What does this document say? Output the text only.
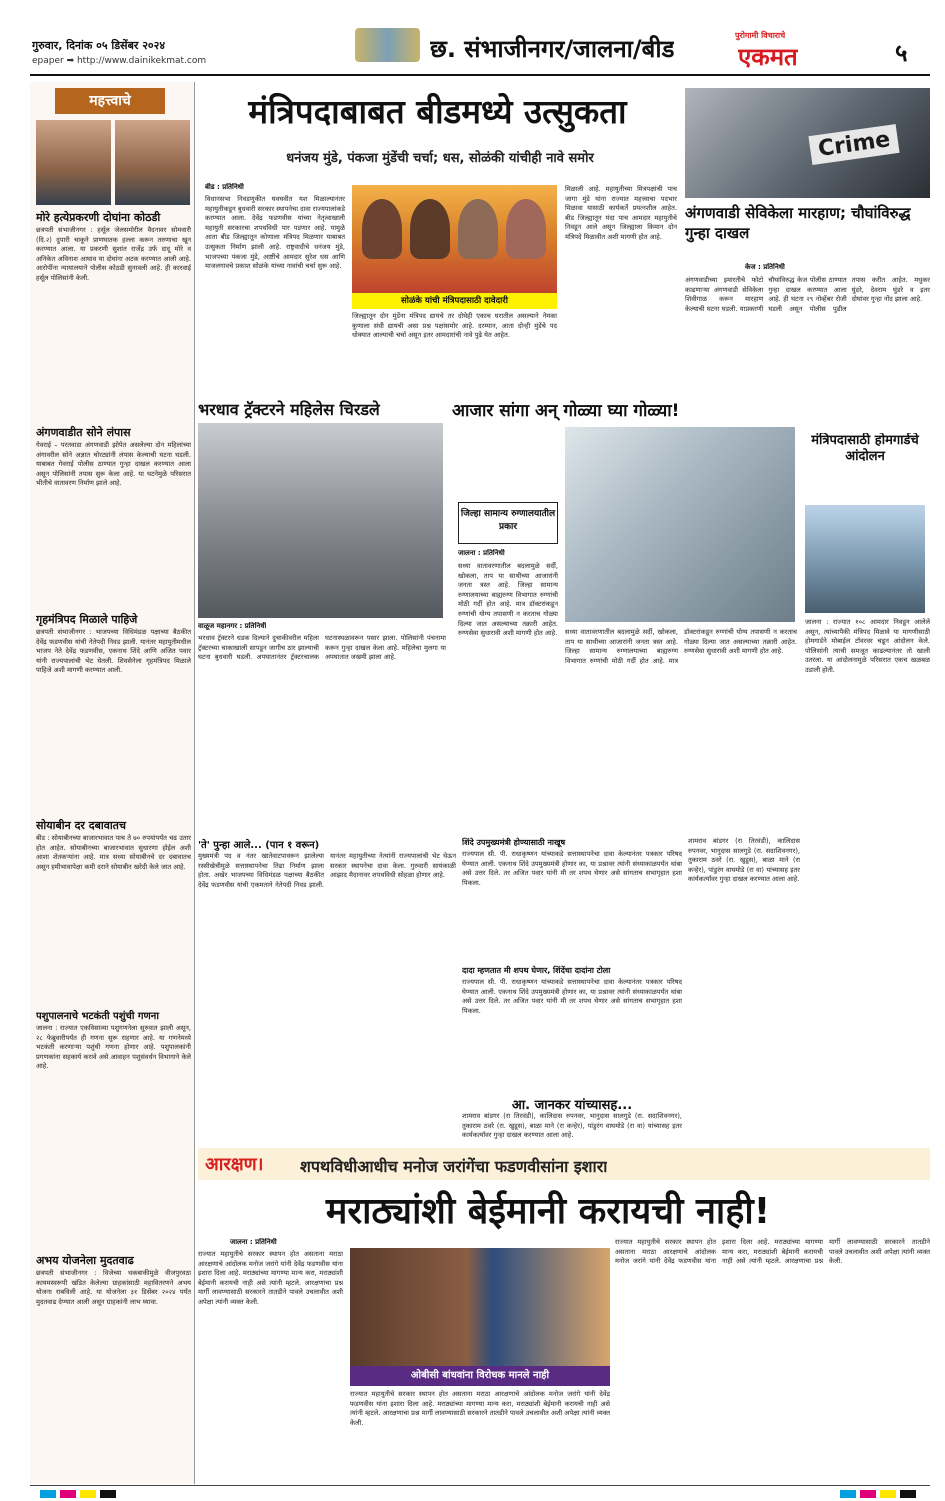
गुरुवार, दिनांक ०५ डिसेंबर २०२४
epaper ➡ http://www.dainikekmat.com	छ. संभाजीनगर/जालना/बीड	पुरोगामी विचाराचे
एकमत	५
महत्त्वाचे
मोरे हत्येप्रकरणी दोघांना कोठडी
छत्रपती संभाजीनगर : हर्सूल जेलसमोरील वैदनावर सोमवारी (दि.२) दुपारी चाकूने प्राणघातक हल्ला करून तरुणाचा खून करण्यात आला. या प्रकरणी सुशांत राजेंद्र उर्फ दादू मोरे व अनिकेत अविनाश आघाव या दोघांना अटक करण्यात आली आहे. आरोपींना न्यायालयाने पोलीस कोठडी सुनावली आहे. ही कारवाई हर्सूल पोलिसांनी केली.
अंगणवाडीत सोने लंपास
गेवराई – परतवाडा अंगणवाडी झोपेत असलेल्या दोन महिलांच्या अंगावरील सोने अज्ञात चोरट्यांनी लंपास केल्याची घटना घडली. याबाबत गेवराई पोलीस ठाण्यात गुन्हा दाखल करण्यात आला असून पोलिसांनी तपास सुरू केला आहे. या घटनेमुळे परिसरात भीतीचे वातावरण निर्माण झाले आहे.
गृहमंत्रिपद मिळाले पाहिजे
छत्रपती संभाजीनगर : भाजपच्या विधिमंडळ पक्षाच्या बैठकीत देवेंद्र फडणवीस यांची नेतेपदी निवड झाली. यानंतर महायुतीमधील भाजप नेते देवेंद्र फडणवीस, एकनाथ शिंदे आणि अजित पवार यांनी राज्यपालांची भेट घेतली. शिवसेनेला गृहमंत्रिपद मिळाले पाहिजे अशी मागणी करण्यात आली.
सोयाबीन दर दबावातच
बीड : सोयाबीनच्या बाजारभावात पाच ते ७० रुपयांपर्यंत चढ उतार होत आहेत. सोयाबीनच्या बाजारभावात सुधारणा होईल अशी आशा शेतकऱ्यांना आहे. मात्र सध्या सोयाबीनचे दर दबावातच असून हमीभावापेक्षा कमी दराने सोयाबीन खरेदी केले जात आहे.
पशुपालनाचे भटकंती पशुंची गणना
जालना : राज्यात एकविसाव्या पशुगणनेला सुरुवात झाली असून, २८ फेब्रुवारीपर्यंत ही गणना सुरू राहणार आहे. या गणनेमध्ये भटकंती करणाऱ्या पशुंची गणना होणार आहे. पशुपालकांनी प्रगणकांना सहकार्य करावे असे आवाहन पशुसंवर्धन विभागाने केले आहे.
अभय योजनेला मुदतवाढ
छत्रपती संभाजीनगर : विजेच्या थकबाकीमुळे वीजपुरवठा कायमस्वरूपी खंडित केलेल्या ग्राहकांसाठी महावितरणने अभय योजना राबविली आहे. या योजनेला ३१ डिसेंबर २०२४ पर्यंत मुदतवाढ देण्यात आली असून ग्राहकांनी लाभ घ्यावा.
मंत्रिपदाबाबत बीडमध्ये उत्सुकता
धनंजय मुंडे, पंकजा मुंडेंची चर्चा; धस, सोळंकी यांचीही नावे समोर
बीड : प्रतिनिधी
विधानसभा निवडणुकीत घवघवीत यश मिळाल्यानंतर महायुतीकडून बुधवारी सरकार स्थापनेचा दावा राज्यपालांकडे करण्यात आला. देवेंद्र फडणवीस यांच्या नेतृत्वाखाली महायुती सरकारचा शपथविधी पार पडणार आहे. यामुळे आता बीड जिल्ह्यातून कोणाला मंत्रिपद मिळणार याबाबत उत्सुकता निर्माण झाली आहे. राष्ट्रवादीचे धनंजय मुंडे, भाजपच्या पंकजा मुंडे, आष्टीचे आमदार सुरेश धस आणि माजलगावचे प्रकाश सोळंके यांच्या नावांची चर्चा सुरू आहे.
सोळंके यांची मंत्रिपदासाठी दावेदारी
जिल्ह्यातून दोन मुंडेंना मंत्रिपद द्यायचे तर दोघेही एकाच घरातील असल्याने नेमका कुणाला संधी द्यायची असा प्रश्न पक्षांसमोर आहे. दरम्यान, आता दोन्ही मुंडेंचे पद धोक्यात आल्याची चर्चा असून इतर आमदारांची नावे पुढे येत आहेत.
मिळाली आहे. महायुतीच्या मित्रपक्षांची पाच जागा मुंडे यांना राज्यात महत्त्वाचा पदभार मिळावा यासाठी कार्यकर्ते प्रयत्नशील आहेत. बीड जिल्ह्यातून यंदा पाच आमदार महायुतीचे निवडून आले असून जिल्ह्याला किमान दोन मंत्रिपदे मिळावीत अशी मागणी होत आहे.
Crime
अंगणवाडी सेविकेला मारहाण; चौघांविरुद्ध गुन्हा दाखल
केज : प्रतिनिधी
अंगणवाडीच्या इमारतीचे फोटो काढणाऱ्या अंगणवाडी सेविकेला शिवीगाळ करून मारहाण केल्याची घटना घडली. याप्रकरणी चौघांविरुद्ध केज पोलीस ठाण्यात गुन्हा दाखल करण्यात आला आहे. ही घटना २९ नोव्हेंबर रोजी घडली असून पोलीस पुढील तपास करीत आहेत. मधुकर घुंडरे, देवराम घुंडरे व इतर दोघांवर गुन्हा नोंद झाला आहे.
भरधाव ट्रॅक्टरने महिलेस चिरडले
वाळूज महानगर : प्रतिनिधी
भरधाव ट्रॅक्टरने धडक दिल्याने दुचाकीवरील महिला ट्रॅक्टरच्या चाकाखाली सापडून जागीच ठार झाल्याची घटना बुधवारी घडली. अपघातानंतर ट्रॅक्टरचालक घटनास्थळावरून पसार झाला. पोलिसांनी पंचनामा करून गुन्हा दाखल केला आहे. महिलेचा मुलगा या अपघातात जखमी झाला आहे.
आजार सांगा अन् गोळ्या घ्या गोळ्या!
जिल्हा सामान्य रुग्णालयातील प्रकार
जालना : प्रतिनिधी
सध्या वातावरणातील बदलामुळे सर्दी, खोकला, ताप या साथीच्या आजारांनी जनता त्रस्त आहे. जिल्हा सामान्य रुग्णालयाच्या बाह्यरुग्ण विभागात रुग्णांची मोठी गर्दी होत आहे. मात्र डॉक्टरांकडून रुग्णांची योग्य तपासणी न करताच गोळ्या दिल्या जात असल्याच्या तक्रारी आहेत. रुग्णसेवा सुधारावी अशी मागणी होत आहे. सध्या वातावरणातील बदलामुळे सर्दी, खोकला, ताप या साथीच्या आजारांनी जनता त्रस्त आहे. जिल्हा सामान्य रुग्णालयाच्या बाह्यरुग्ण विभागात रुग्णांची मोठी गर्दी होत आहे. मात्र डॉक्टरांकडून रुग्णांची योग्य तपासणी न करताच गोळ्या दिल्या जात असल्याच्या तक्रारी आहेत. रुग्णसेवा सुधारावी अशी मागणी होत आहे.
मंत्रिपदासाठी होमगार्डचे आंदोलन
जालना : राज्यात १०८ आमदार निवडून आलेले असून, त्यांच्यापैकी मंत्रिपद मिळावे या मागणीसाठी होमगार्डने मोबाईल टॉवरवर चढून आंदोलन केले. पोलिसांनी त्याची समजूत काढल्यानंतर तो खाली उतरला. या आंदोलनामुळे परिसरात एकच खळबळ उडाली होती.
'ते' पुन्हा आले... (पान १ वरून)
मुख्यमंत्री पद व नंतर खातेवाटपावरून झालेल्या रस्सीखेचीमुळे सत्तास्थापनेचा तिढा निर्माण झाला होता. अखेर भाजपच्या विधिमंडळ पक्षाच्या बैठकीत देवेंद्र फडणवीस यांची एकमताने नेतेपदी निवड झाली. यानंतर महायुतीच्या नेत्यांनी राज्यपालांची भेट घेऊन सरकार स्थापनेचा दावा केला. गुरुवारी सायंकाळी आझाद मैदानावर शपथविधी सोहळा होणार आहे.
शिंदे उपमुख्यमंत्री होण्यासाठी नाखूष
राज्यपाल सी. पी. राधाकृष्णन यांच्याकडे सत्तास्थापनेचा दावा केल्यानंतर पत्रकार परिषद घेण्यात आली. एकनाथ शिंदे उपमुख्यमंत्री होणार का, या प्रश्नावर त्यांनी संध्याकाळपर्यंत थांबा असे उत्तर दिले. तर अजित पवार यांनी मी तर शपथ घेणार असे सांगताच सभागृहात हशा पिकला.
दादा म्हणतात मी शपथ घेणार, शिंदेंचा दादांना टोला
राज्यपाल सी. पी. राधाकृष्णन यांच्याकडे सत्तास्थापनेचा दावा केल्यानंतर पत्रकार परिषद घेण्यात आली. एकनाथ शिंदे उपमुख्यमंत्री होणार का, या प्रश्नावर त्यांनी संध्याकाळपर्यंत थांबा असे उत्तर दिले. तर अजित पवार यांनी मी तर शपथ घेणार असे सांगताच सभागृहात हशा पिकला.
आ. जानकर यांच्यासह...
शामराव बांडगर (रा तिरवंडी), कालिदास रुपनवर, भानुदास सालगुडे (रा. सदाशिवनगर), तुकाराम ठवरे (रा. खुडूस), बाळा माने (रा कन्हेर), पांडुरंग वाघमोडे (रा वा) यांच्यासह इतर कार्यकर्त्यांवर गुन्हा दाखल करण्यात आला आहे.
शामराव बांडगर (रा तिरवंडी), कालिदास रुपनवर, भानुदास सालगुडे (रा. सदाशिवनगर), तुकाराम ठवरे (रा. खुडूस), बाळा माने (रा कन्हेर), पांडुरंग वाघमोडे (रा वा) यांच्यासह इतर कार्यकर्त्यांवर गुन्हा दाखल करण्यात आला आहे.
आरक्षण। शपथविधीआधीच मनोज जरांगेंचा फडणवीसांना इशारा
मराठ्यांशी बेईमानी करायची नाही!
जालना : प्रतिनिधी
राज्यात महायुतीचे सरकार स्थापन होत असताना मराठा आरक्षणाचे आंदोलक मनोज जरांगे यांनी देवेंद्र फडणवीस यांना इशारा दिला आहे. मराठ्यांच्या मागण्या मान्य करा, मराठ्यांशी बेईमानी करायची नाही असे त्यांनी म्हटले. आरक्षणाचा प्रश्न मार्गी लावण्यासाठी सरकारने तातडीने पावले उचलावीत अशी अपेक्षा त्यांनी व्यक्त केली.
ओबीसी बांधवांना विरोधक मानले नाही
राज्यात महायुतीचे सरकार स्थापन होत असताना मराठा आरक्षणाचे आंदोलक मनोज जरांगे यांनी देवेंद्र फडणवीस यांना इशारा दिला आहे. मराठ्यांच्या मागण्या मान्य करा, मराठ्यांशी बेईमानी करायची नाही असे त्यांनी म्हटले. आरक्षणाचा प्रश्न मार्गी लावण्यासाठी सरकारने तातडीने पावले उचलावीत अशी अपेक्षा त्यांनी व्यक्त केली.
राज्यात महायुतीचे सरकार स्थापन होत असताना मराठा आरक्षणाचे आंदोलक मनोज जरांगे यांनी देवेंद्र फडणवीस यांना इशारा दिला आहे. मराठ्यांच्या मागण्या मान्य करा, मराठ्यांशी बेईमानी करायची नाही असे त्यांनी म्हटले. आरक्षणाचा प्रश्न मार्गी लावण्यासाठी सरकारने तातडीने पावले उचलावीत अशी अपेक्षा त्यांनी व्यक्त केली.
